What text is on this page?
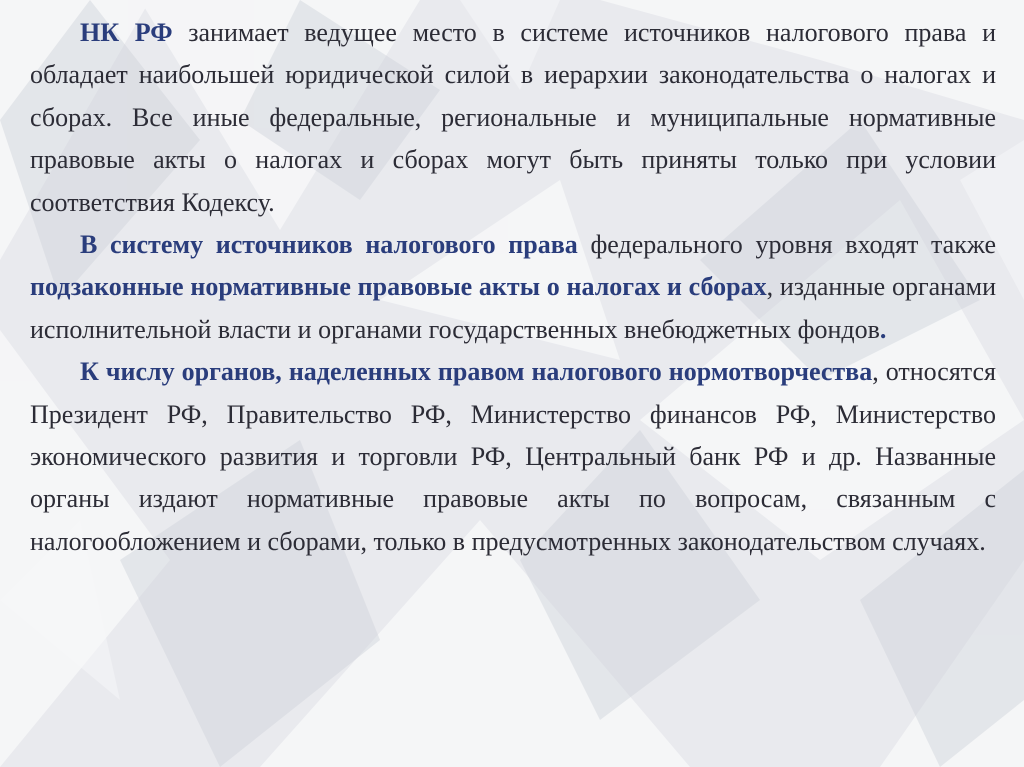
НК РФ занимает ведущее место в системе источников налогового права и обладает наибольшей юридической силой в иерархии законодательства о налогах и сборах. Все иные федеральные, региональные и муниципальные нормативные правовые акты о налогах и сборах могут быть приняты только при условии соответствия Кодексу.

В систему источников налогового права федерального уровня входят также подзаконные нормативные правовые акты о налогах и сборах, изданные органами исполнительной власти и органами государственных внебюджетных фондов.

К числу органов, наделенных правом налогового нормотворчества, относятся Президент РФ, Правительство РФ, Министерство финансов РФ, Министерство экономического развития и торговли РФ, Центральный банк РФ и др. Названные органы издают нормативные правовые акты по вопросам, связанным с налогообложением и сборами, только в предусмотренных законодательством случаях.
